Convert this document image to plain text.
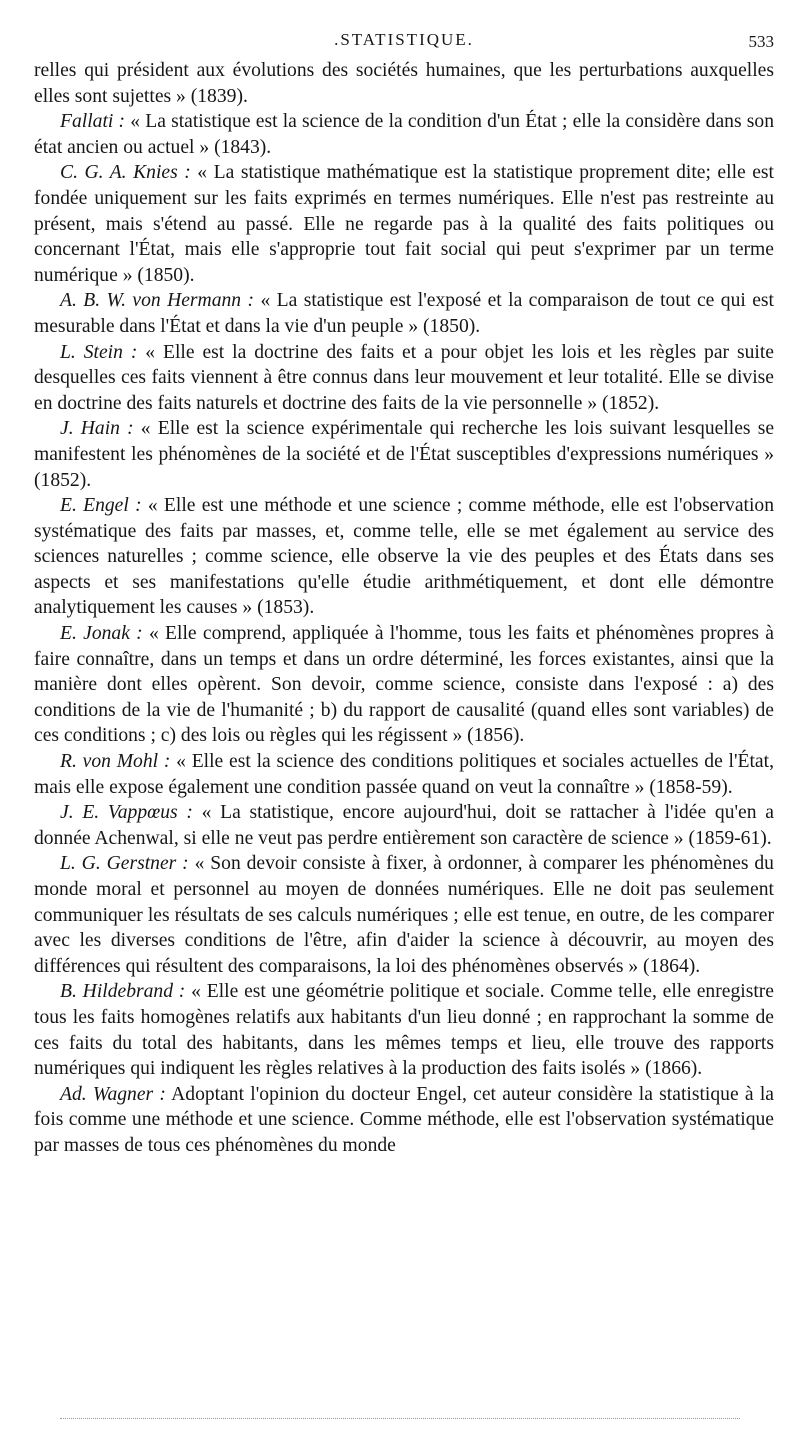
.STATISTIQUE.	533

relles qui président aux évolutions des sociétés humaines, que les perturbations auxquelles elles sont sujettes » (1839).

Fallati : « La statistique est la science de la condition d'un État ; elle la considère dans son état ancien ou actuel » (1843).

C. G. A. Knies : « La statistique mathématique est la statistique proprement dite; elle est fondée uniquement sur les faits exprimés en termes numériques. Elle n'est pas restreinte au présent, mais s'étend au passé. Elle ne regarde pas à la qualité des faits politiques ou concernant l'État, mais elle s'approprie tout fait social qui peut s'exprimer par un terme numérique » (1850).

A. B. W. von Hermann : « La statistique est l'exposé et la comparaison de tout ce qui est mesurable dans l'État et dans la vie d'un peuple » (1850).

L. Stein : « Elle est la doctrine des faits et a pour objet les lois et les règles par suite desquelles ces faits viennent à être connus dans leur mouvement et leur totalité. Elle se divise en doctrine des faits naturels et doctrine des faits de la vie personnelle » (1852).

J. Hain : « Elle est la science expérimentale qui recherche les lois suivant lesquelles se manifestent les phénomènes de la société et de l'État susceptibles d'expressions numériques » (1852).

E. Engel : « Elle est une méthode et une science ; comme méthode, elle est l'observation systématique des faits par masses, et, comme telle, elle se met également au service des sciences naturelles ; comme science, elle observe la vie des peuples et des États dans ses aspects et ses manifestations qu'elle étudie arithmétiquement, et dont elle démontre analytiquement les causes » (1853).

E. Jonak : « Elle comprend, appliquée à l'homme, tous les faits et phénomènes propres à faire connaître, dans un temps et dans un ordre déterminé, les forces existantes, ainsi que la manière dont elles opèrent. Son devoir, comme science, consiste dans l'exposé : a) des conditions de la vie de l'humanité ; b) du rapport de causalité (quand elles sont variables) de ces conditions ; c) des lois ou règles qui les régissent » (1856).

R. von Mohl : « Elle est la science des conditions politiques et sociales actuelles de l'État, mais elle expose également une condition passée quand on veut la connaître » (1858-59).

J. E. Vappœus : « La statistique, encore aujourd'hui, doit se rattacher à l'idée qu'en a donnée Achenwal, si elle ne veut pas perdre entièrement son caractère de science » (1859-61).

L. G. Gerstner : « Son devoir consiste à fixer, à ordonner, à comparer les phénomènes du monde moral et personnel au moyen de données numériques. Elle ne doit pas seulement communiquer les résultats de ses calculs numériques ; elle est tenue, en outre, de les comparer avec les diverses conditions de l'être, afin d'aider la science à découvrir, au moyen des différences qui résultent des comparaisons, la loi des phénomènes observés » (1864).

B. Hildebrand : « Elle est une géométrie politique et sociale. Comme telle, elle enregistre tous les faits homogènes relatifs aux habitants d'un lieu donné ; en rapprochant la somme de ces faits du total des habitants, dans les mêmes temps et lieu, elle trouve des rapports numériques qui indiquent les règles relatives à la production des faits isolés » (1866).

Ad. Wagner : Adoptant l'opinion du docteur Engel, cet auteur considère la statistique à la fois comme une méthode et une science. Comme méthode, elle est l'observation systématique par masses de tous ces phénomènes du monde
